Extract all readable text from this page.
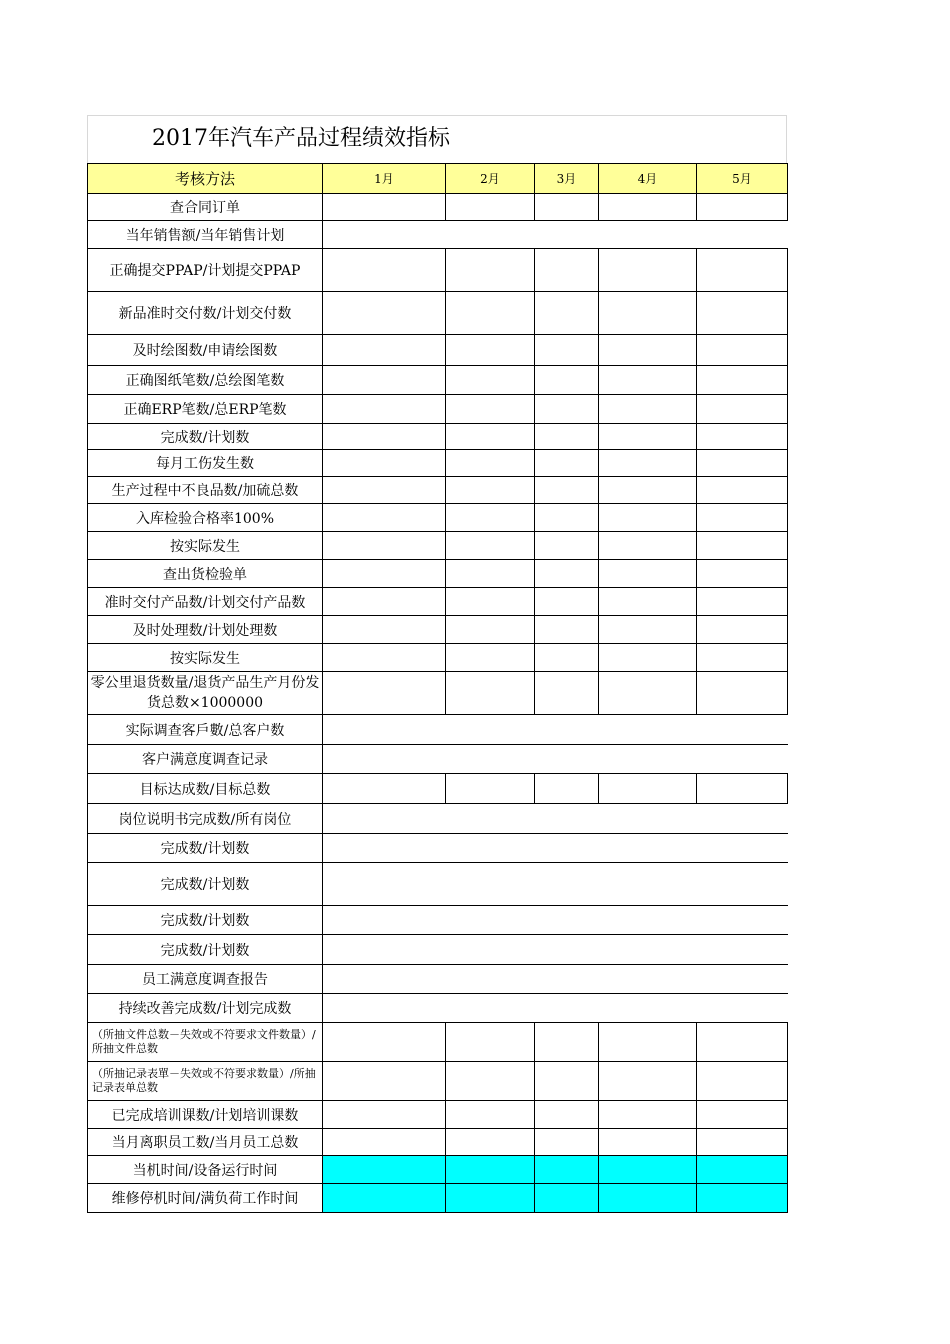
2017年汽车产品过程绩效指标
考核方法	1月	2月	3月	4月	5月
查合同订单					
当年销售额/当年销售计划					
正确提交PPAP/计划提交PPAP					
新品准时交付数/计划交付数					
及时绘图数/申请绘图数					
正确图纸笔数/总绘图笔数					
正确ERP笔数/总ERP笔数					
完成数/计划数					
每月工伤发生数					
生产过程中不良品数/加硫总数					
入库检验合格率100%					
按实际发生					
查出货检验单					
准时交付产品数/计划交付产品数					
及时处理数/计划处理数					
按实际发生					
零公里退货数量/退货产品生产月份发货总数×1000000					
实际调查客戶數/总客户数					
客户满意度调查记录					
目标达成数/目标总数					
岗位说明书完成数/所有岗位					
完成数/计划数					
完成数/计划数					
完成数/计划数					
完成数/计划数					
员工满意度调查报告					
持续改善完成数/计划完成数					
（所抽文件总数－失效或不符要求文件数量）/所抽文件总数					
（所抽记录表單－失效或不符要求数量）/所抽记录表单总数					
已完成培训课数/计划培训课数					
当月离职员工数/当月员工总数					
当机时间/设备运行时间					
维修停机时间/满负荷工作时间					
